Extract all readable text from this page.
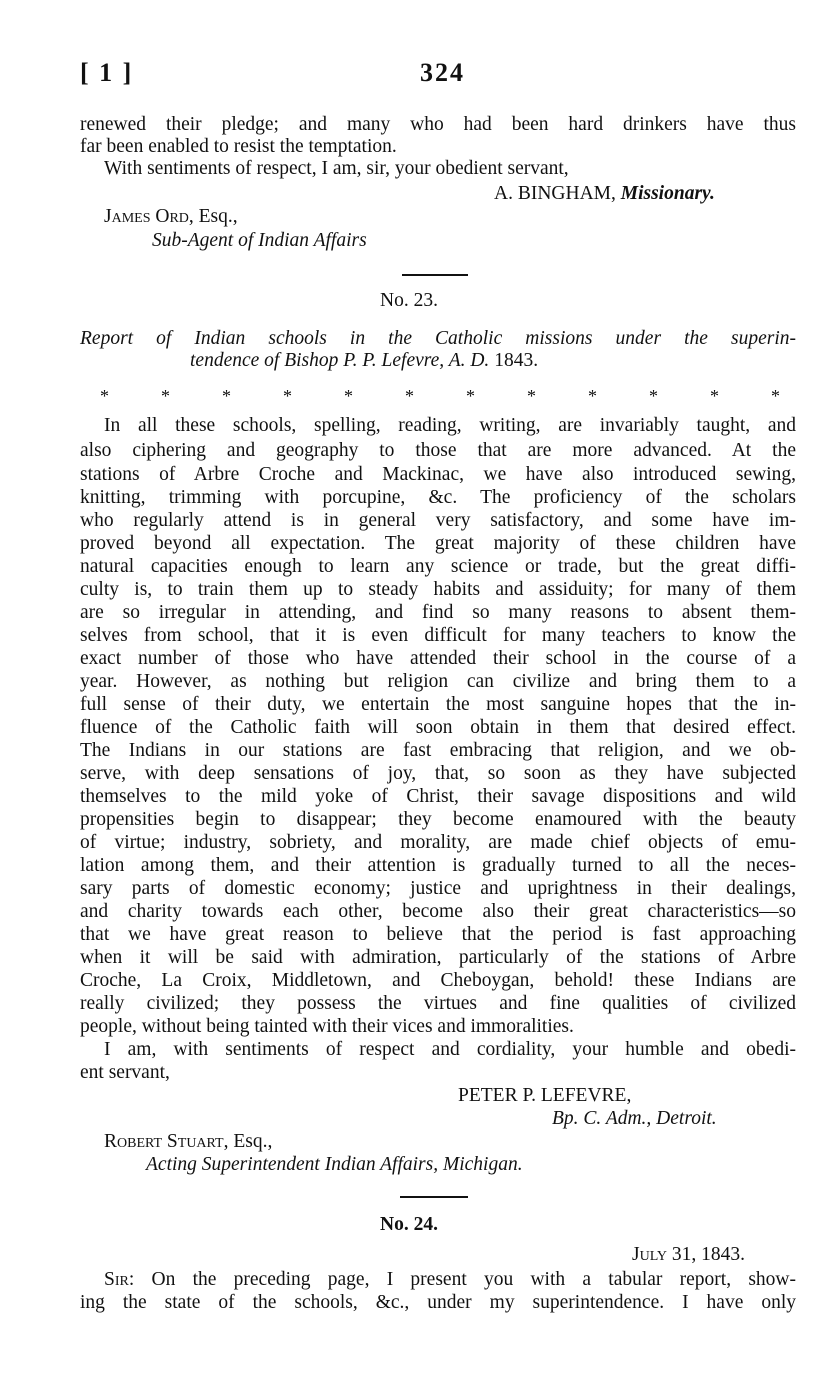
[ 1 ]	324
renewed their pledge; and many who had been hard drinkers have thus
far been enabled to resist the temptation.
With sentiments of respect, I am, sir, your obedient servant,
A. BINGHAM, Missionary.
James Ord, Esq.,
Sub-Agent of Indian Affairs
No. 23.
Report of Indian schools in the Catholic missions under the superin-
tendence of Bishop P. P. Lefevre, A. D. 1843.
*	*	*	*	*	*	*	*	*	*	*	*
In all these schools, spelling, reading, writing, are invariably taught, and
also ciphering and geography to those that are more advanced. At the
stations of Arbre Croche and Mackinac, we have also introduced sewing,
knitting, trimming with porcupine, &c. The proficiency of the scholars
who regularly attend is in general very satisfactory, and some have im-
proved beyond all expectation. The great majority of these children have
natural capacities enough to learn any science or trade, but the great diffi-
culty is, to train them up to steady habits and assiduity; for many of them
are so irregular in attending, and find so many reasons to absent them-
selves from school, that it is even difficult for many teachers to know the
exact number of those who have attended their school in the course of a
year. However, as nothing but religion can civilize and bring them to a
full sense of their duty, we entertain the most sanguine hopes that the in-
fluence of the Catholic faith will soon obtain in them that desired effect.
The Indians in our stations are fast embracing that religion, and we ob-
serve, with deep sensations of joy, that, so soon as they have subjected
themselves to the mild yoke of Christ, their savage dispositions and wild
propensities begin to disappear; they become enamoured with the beauty
of virtue; industry, sobriety, and morality, are made chief objects of emu-
lation among them, and their attention is gradually turned to all the neces-
sary parts of domestic economy; justice and uprightness in their dealings,
and charity towards each other, become also their great characteristics—so
that we have great reason to believe that the period is fast approaching
when it will be said with admiration, particularly of the stations of Arbre
Croche, La Croix, Middletown, and Cheboygan, behold! these Indians are
really civilized; they possess the virtues and fine qualities of civilized
people, without being tainted with their vices and immoralities.
I am, with sentiments of respect and cordiality, your humble and obedi-
ent servant,
PETER P. LEFEVRE,
Bp. C. Adm., Detroit.
Robert Stuart, Esq.,
Acting Superintendent Indian Affairs, Michigan.
No. 24.
July 31, 1843.
Sir: On the preceding page, I present you with a tabular report, show-
ing the state of the schools, &c., under my superintendence. I have only
